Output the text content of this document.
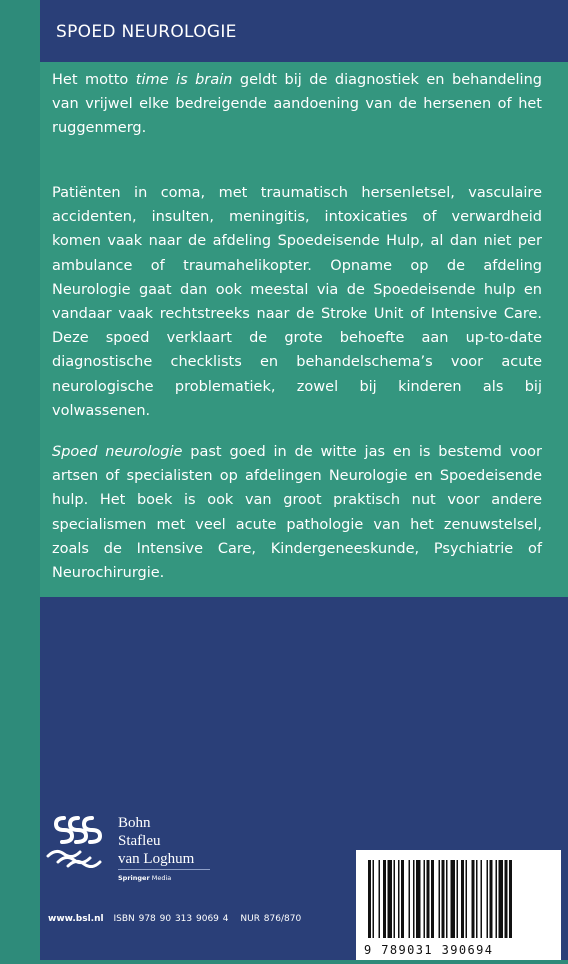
SPOED NEUROLOGIE
Het motto time is brain geldt bij de diagnostiek en behandeling van vrijwel elke bedreigende aandoening van de hersenen of het ruggenmerg.
Patiënten in coma, met traumatisch hersenletsel, vasculaire accidenten, insulten, meningitis, intoxicaties of verwardheid komen vaak naar de afdeling Spoedeisende Hulp, al dan niet per ambulance of traumahelikopter. Opname op de afdeling Neurologie gaat dan ook meestal via de Spoedeisende hulp en vandaar vaak rechtstreeks naar de Stroke Unit of Intensive Care. Deze spoed verklaart de grote behoefte aan up-to-date diagnostische checklists en behandelschema’s voor acute neurologische problematiek, zowel bij kinderen als bij volwassenen.
Spoed neurologie past goed in de witte jas en is bestemd voor artsen of specialisten op afdelingen Neurologie en Spoedeisende hulp. Het boek is ook van groot praktisch nut voor andere specialismen met veel acute pathologie van het zenuwstelsel, zoals de Intensive Care, Kindergeneeskunde, Psychiatrie of Neurochirurgie.
Bohn
Stafleu
van Loghum
Springer Media
www.bsl.nl ISBN 978 90 313 9069 4 NUR 876/870
9 789031 390694
